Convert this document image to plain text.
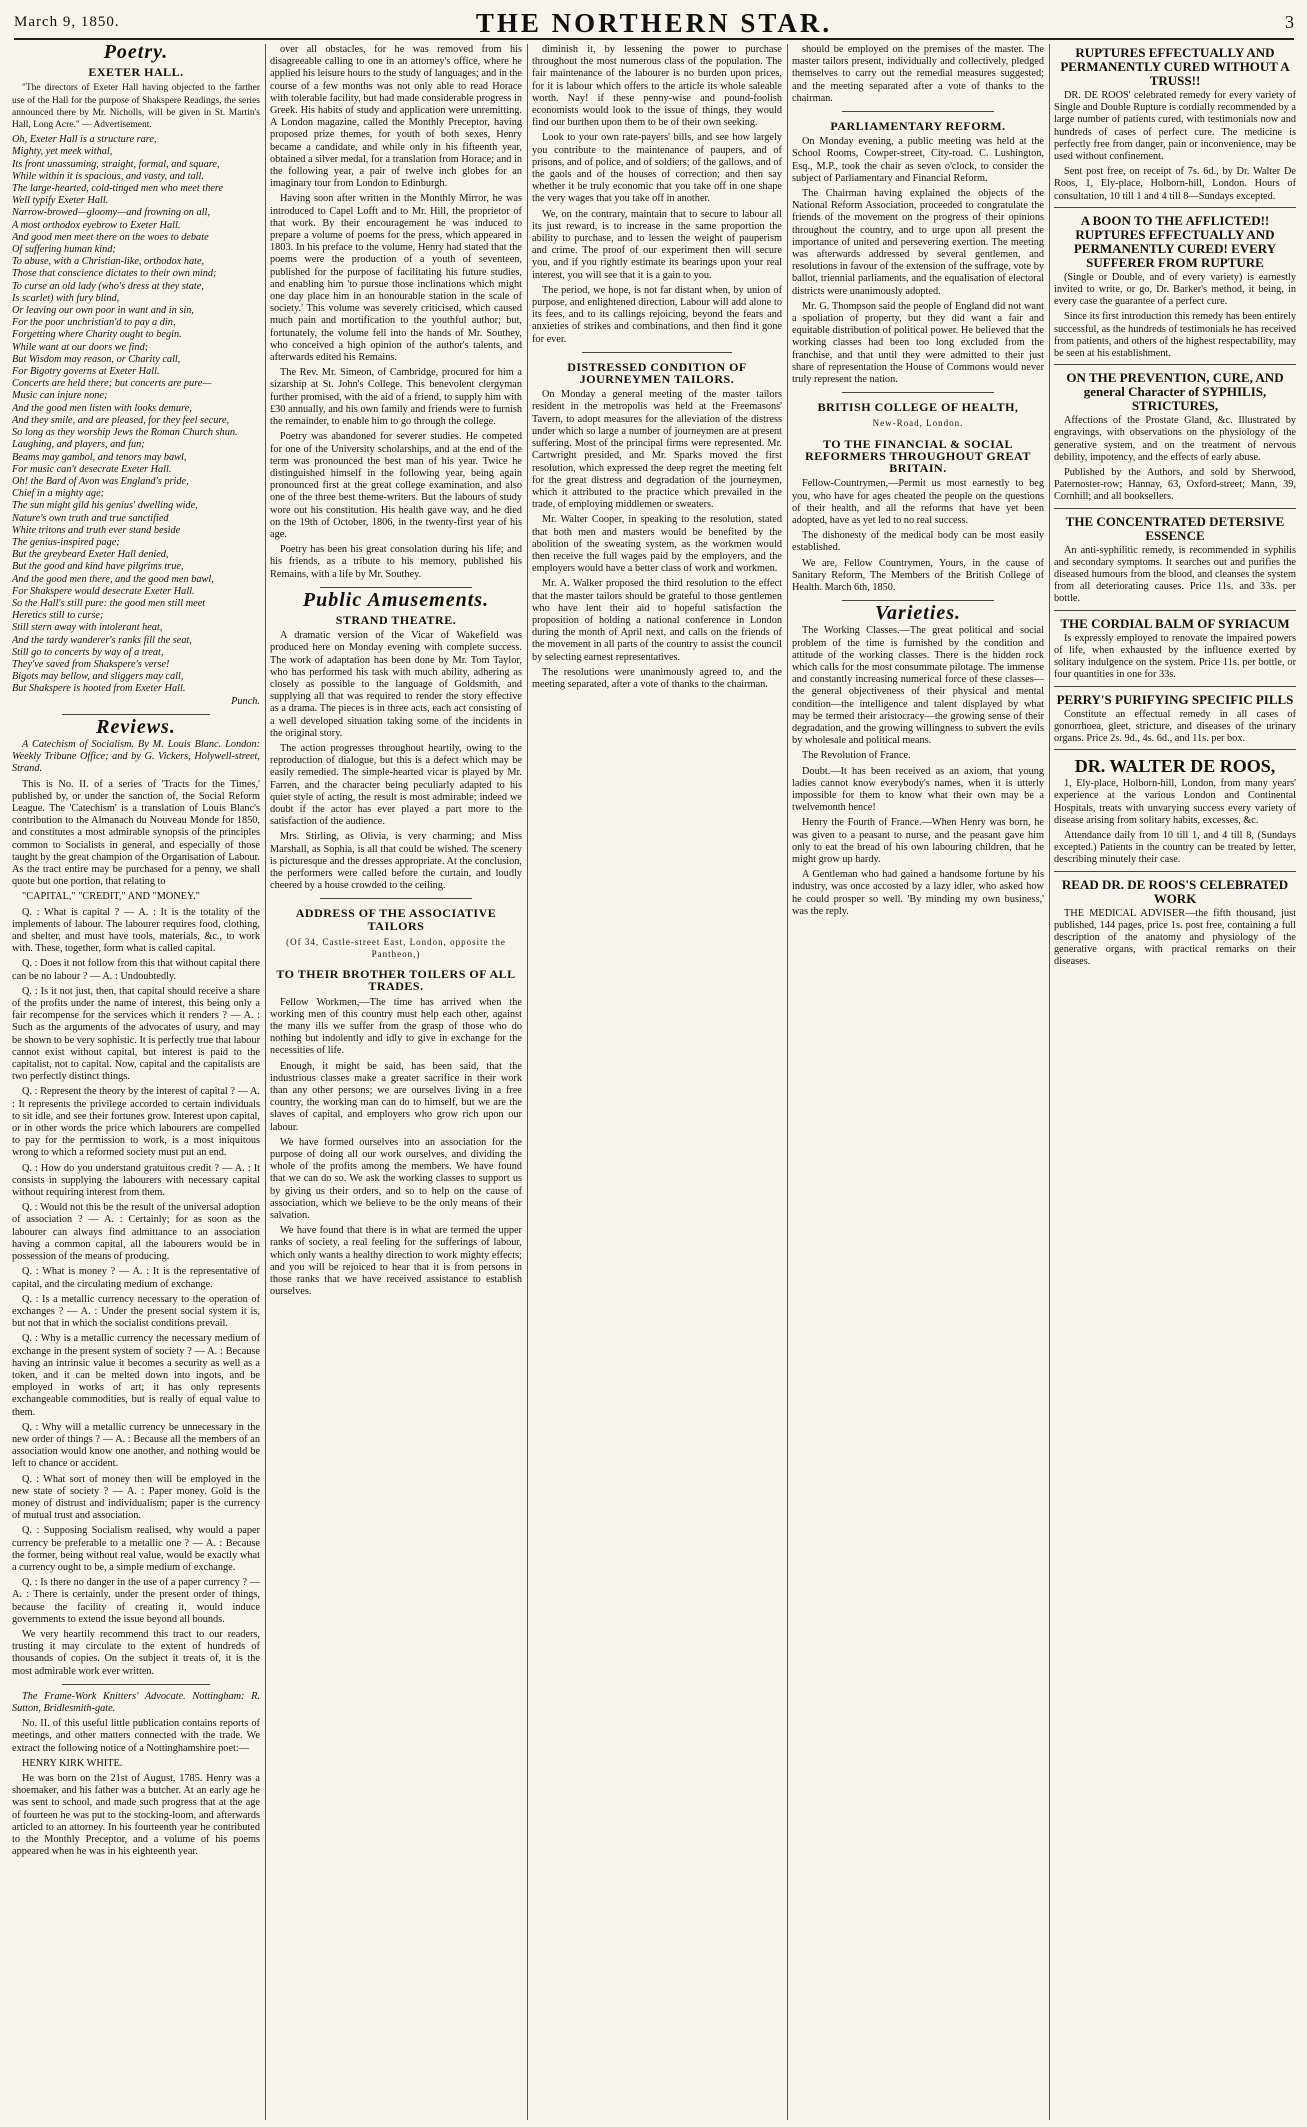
March 9, 1850.	THE NORTHERN STAR.	3
Poetry.
EXETER HALL.

"The directors of Exeter Hall having objected to the farther use of the Hall for the purpose of Shakspere Readings, the series announced there by Mr. Nicholls, will be given in St. Martin's Hall, Long Acre." — Advertisement.

Oh, Exeter Hall is a structure rare,
Mighty, yet meek withal,
Its front unassuming, straight, formal, and square,
While within it is spacious, and vasty, and tall.
The large-hearted, cold-tinged men who meet there
Well typify Exeter Hall.
Narrow-browed—gloomy—and frowning on all,
A most orthodox eyebrow to Exeter Hall.
And good men meet there on the woes to debate
Of suffering human kind;
To abuse, with a Christian-like, orthodox hate,
Those that conscience dictates to their own mind;
To curse an old lady (who's dress at they state,
Is scarlet) with fury blind,
Or leaving our own poor in want and in sin,
For the poor unchristian'd to pay a din,
Forgetting where Charity ought to begin.
While want at our doors we find;
But Wisdom may reason, or Charity call,
For Bigotry governs at Exeter Hall.
Concerts are held there; but concerts are pure—
Music can injure none;
And the good men listen with looks demure,
And they smile, and are pleased, for they feel secure,
So long as they worship Jews the Roman Church shun.
Laughing, and players, and fun;
Beams may gambol, and tenors may bawl,
For music can't desecrate Exeter Hall.
Oh! the Bard of Avon was England's pride,
Chief in a mighty age;
The sun might gild his genius' dwelling wide,
Nature's own truth and true sanctified
White tritons and truth ever stand beside
The genius-inspired page;
But the greybeard Exeter Hall denied,
But the good and kind have pilgrims true,
And the good men there, and the good men bawl,
For Shakspere would desecrate Exeter Hall.
So the Hall's still pure: the good men still meet
Heretics still to curse;
Still stern away with intolerant heat,
And the tardy wanderer's ranks fill the seat,
Still go to concerts by way of a treat,
They've saved from Shakspere's verse!
Bigots may bellow, and sliggers may call,
But Shakspere is hooted from Exeter Hall.
Punch.
Reviews.

A Catechism of Socialism. By M. Louis Blanc. London: Weekly Tribune Office; and by G. Vickers, Holywell-street, Strand.

This is No. II. of a series of 'Tracts for the Times,' published by, or under the sanction of, the Social Reform League. The 'Catechism' is a translation of Louis Blanc's contribution to the Almanach du Nouveau Monde for 1850, and constitutes a most admirable synopsis of the principles common to Socialists in general, and especially of those taught by the great champion of the Organisation of Labour. As the tract entire may be purchased for a penny, we shall quote but one portion, that relating to

"CAPITAL," "CREDIT," AND "MONEY."

Q. : What is capital ? — A. : It is the totality of the implements of labour. The labourer requires food, clothing, and shelter, and must have tools, materials, &c., to work with. These, together, form what is called capital.

Q. : Does it not follow from this that without capital there can be no labour ? — A. : Undoubtedly.

Q. : Is it not just, then, that capital should receive a share of the profits under the name of interest, this being only a fair recompense for the services which it renders ? — A. : Such as the arguments of the advocates of usury, and may be shown to be very sophistic. It is perfectly true that labour cannot exist without capital, but interest is paid to the capitalist, not to capital. Now, capital and the capitalists are two perfectly distinct things.

Q. : Represent the theory by the interest of capital ? — A. : It represents the privilege accorded to certain individuals to sit idle, and see their fortunes grow. Interest upon capital, or in other words the price which labourers are compelled to pay for the permission to work, is a most iniquitous wrong to which a reformed society must put an end.

Q. : How do you understand gratuitous credit ? — A. : It consists in supplying the labourers with necessary capital without requiring interest from them.

Q. : Would not this be the result of the universal adoption of association ? — A. : Certainly; for as soon as the labourer can always find admittance to an association having a common capital, all the labourers would be in possession of the means of producing.

Q. : What is money ? — A. : It is the representative of capital, and the circulating medium of exchange.

Q. : Is a metallic currency necessary to the operation of exchanges ? — A. : Under the present social system it is, but not that in which the socialist conditions prevail.

Q. : Why is a metallic currency the necessary medium of exchange in the present system of society ? — A. : Because having an intrinsic value it becomes a security as well as a token, and it can be melted down into ingots, and be employed in works of art; it has only represents exchangeable commodities, but is really of equal value to them.

Q. : Why will a metallic currency be unnecessary in the new order of things ? — A. : Because all the members of an association would know one another, and nothing would be left to chance or accident.

Q. : What sort of money then will be employed in the new state of society ? — A. : Paper money. Gold is the money of distrust and individualism; paper is the currency of mutual trust and association.

Q. : Supposing Socialism realised, why would a paper currency be preferable to a metallic one ? — A. : Because the former, being without real value, would be exactly what a currency ought to be, a simple medium of exchange.

Q. : Is there no danger in the use of a paper currency ? — A. : There is certainly, under the present order of things, because the facility of creating it, would induce governments to extend the issue beyond all bounds.

We very heartily recommend this tract to our readers, trusting it may circulate to the extent of hundreds of thousands of copies. On the subject it treats of, it is the most admirable work ever written.

The Frame-Work Knitters' Advocate. Nottingham: R. Sutton, Bridlesmith-gate.

No. II. of this useful little publication contains reports of meetings, and other matters connected with the trade. We extract the following notice of a Nottinghamshire poet:—

HENRY KIRK WHITE.

He was born on the 21st of August, 1785. Henry was a shoemaker, and his father was a butcher. At an early age he was sent to school, and made such progress that at the age of fourteen he was put to the stocking-loom, and afterwards articled to an attorney. In his fourteenth year he contributed to the Monthly Preceptor, and a volume of his poems appeared when he was in his eighteenth year.

over all obstacles, for he was removed from his disagreeable calling to one in an attorney's office, where he applied his leisure hours to the study of languages; and in the course of a few months was not only able to read Horace with tolerable facility, but had made considerable progress in Greek. His habits of study and application were unremitting. A London magazine, called the Monthly Preceptor, having proposed prize themes, for youth of both sexes, Henry became a candidate, and while only in his fifteenth year, obtained a silver medal, for a translation from Horace; and in the following year, a pair of twelve inch globes for an imaginary tour from London to Edinburgh.

Having soon after written in the Monthly Mirror, he was introduced to Capel Lofft and to Mr. Hill, the proprietor of that work. By their encouragement he was induced to prepare a volume of poems for the press, which appeared in 1803. In his preface to the volume, Henry had stated that the poems were the production of a youth of seventeen, published for the purpose of facilitating his future studies, and enabling him 'to pursue those inclinations which might one day place him in an honourable station in the scale of society.' This volume was severely criticised, which caused much pain and mortification to the youthful author; but, fortunately, the volume fell into the hands of Mr. Southey, who conceived a high opinion of the author's talents, and afterwards edited his Remains.

The Rev. Mr. Simeon, of Cambridge, procured for him a sizarship at St. John's College. This benevolent clergyman further promised, with the aid of a friend, to supply him with £30 annually, and his own family and friends were to furnish the remainder, to enable him to go through the college.

Poetry was abandoned for severer studies. He competed for one of the University scholarships, and at the end of the term was pronounced the best man of his year. Twice he distinguished himself in the following year, being again pronounced first at the great college examination, and also one of the three best theme-writers. But the labours of study wore out his constitution. His health gave way, and he died on the 19th of October, 1806, in the twenty-first year of his age.

Poetry has been his great consolation during his life; and his friends, as a tribute to his memory, published his Remains, with a life by Mr. Southey.

Public Amusements.
STRAND THEATRE.

A dramatic version of the Vicar of Wakefield was produced here on Monday evening with complete success. The work of adaptation has been done by Mr. Tom Taylor, who has performed his task with much ability, adhering as closely as possible to the language of Goldsmith, and supplying all that was required to render the story effective as a drama. The pieces is in three acts, each act consisting of a well developed situation taking some of the incidents in the original story.

The action progresses throughout heartily, owing to the reproduction of dialogue, but this is a defect which may be easily remedied. The simple-hearted vicar is played by Mr. Farren, and the character being peculiarly adapted to his quiet style of acting, the result is most admirable; indeed we doubt if the actor has ever played a part more to the satisfaction of the audience.

Mrs. Stirling, as Olivia, is very charming; and Miss Marshall, as Sophia, is all that could be wished. The scenery is picturesque and the dresses appropriate. At the conclusion, the performers were called before the curtain, and loudly cheered by a house crowded to the ceiling.

ADDRESS OF THE ASSOCIATIVE TAILORS
(Of 34, Castle-street East, London, opposite the Pantheon,)
TO THEIR BROTHER TOILERS OF ALL TRADES.

Fellow Workmen,—The time has arrived when the working men of this country must help each other, against the many ills we suffer from the grasp of those who do nothing but indolently and idly to give in exchange for the necessities of life.

Enough, it might be said, has been said, that the industrious classes make a greater sacrifice in their work than any other persons; we are ourselves living in a free country, the working man can do to himself, but we are the slaves of capital, and employers who grow rich upon our labour.

We have formed ourselves into an association for the purpose of doing all our work ourselves, and dividing the whole of the profits among the members. We have found that we can do so. We ask the working classes to support us by giving us their orders, and so to help on the cause of association, which we believe to be the only means of their salvation.

We have found that there is in what are termed the upper ranks of society, a real feeling for the sufferings of labour, which only wants a healthy direction to work mighty effects; and you will be rejoiced to hear that it is from persons in those ranks that we have received assistance to establish ourselves.

diminish it, by lessening the power to purchase throughout the most numerous class of the population. The fair maintenance of the labourer is no burden upon prices, for it is labour which offers to the article its whole saleable worth. Nay! if these penny-wise and pound-foolish economists would look to the issue of things, they would find our burthen upon them to be of their own seeking.

Look to your own rate-payers' bills, and see how largely you contribute to the maintenance of paupers, and of prisons, and of police, and of soldiers; of the gallows, and of the gaols and of the houses of correction; and then say whether it be truly economic that you take off in one shape the very wages that you take off in another.

We, on the contrary, maintain that to secure to labour all its just reward, is to increase in the same proportion the ability to purchase, and to lessen the weight of pauperism and crime. The proof of our experiment then will secure you, and if you rightly estimate its bearings upon your real interest, you will see that it is a gain to you.

The period, we hope, is not far distant when, by union of purpose, and enlightened direction, Labour will add alone to its fees, and to its callings rejoicing, beyond the fears and anxieties of strikes and combinations, and then find it gone for ever.

DISTRESSED CONDITION OF JOURNEYMEN TAILORS.

On Monday a general meeting of the master tailors resident in the metropolis was held at the Freemasons' Tavern, to adopt measures for the alleviation of the distress under which so large a number of journeymen are at present suffering. Most of the principal firms were represented. Mr. Cartwright presided, and Mr. Sparks moved the first resolution, which expressed the deep regret the meeting felt for the great distress and degradation of the journeymen, which it attributed to the practice which prevailed in the trade, of employing middlemen or sweaters.

Mr. Walter Cooper, in speaking to the resolution, stated that both men and masters would be benefited by the abolition of the sweating system, as the workmen would then receive the full wages paid by the employers, and the employers would have a better class of work and workmen.

Mr. A. Walker proposed the third resolution to the effect that the master tailors should be grateful to those gentlemen who have lent their aid to hopeful satisfaction the proposition of holding a national conference in London during the month of April next, and calls on the friends of the movement in all parts of the country to assist the council by selecting earnest representatives.

The resolutions were unanimously agreed to, and the meeting separated, after a vote of thanks to the chairman.

should be employed on the premises of the master. The master tailors present, individually and collectively, pledged themselves to carry out the remedial measures suggested; and the meeting separated after a vote of thanks to the chairman.

PARLIAMENTARY REFORM.

On Monday evening, a public meeting was held at the School Rooms, Cowper-street, City-road. C. Lushington, Esq., M.P., took the chair as seven o'clock, to consider the subject of Parliamentary and Financial Reform.

The Chairman having explained the objects of the National Reform Association, proceeded to congratulate the friends of the movement on the progress of their opinions throughout the country, and to urge upon all present the importance of united and persevering exertion. The meeting was afterwards addressed by several gentlemen, and resolutions in favour of the extension of the suffrage, vote by ballot, triennial parliaments, and the equalisation of electoral districts were unanimously adopted.

Mr. G. Thompson said the people of England did not want a spoliation of property, but they did want a fair and equitable distribution of political power. He believed that the working classes had been too long excluded from the franchise, and that until they were admitted to their just share of representation the House of Commons would never truly represent the nation.

BRITISH COLLEGE OF HEALTH,
New-Road, London.
TO THE FINANCIAL & SOCIAL REFORMERS THROUGHOUT GREAT BRITAIN.

Fellow-Countrymen,—Permit us most earnestly to beg you, who have for ages cheated the people on the questions of their health, and all the reforms that have yet been adopted, have as yet led to no real success.

The dishonesty of the medical body can be most easily established.

We are, Fellow Countrymen, Yours, in the cause of Sanitary Reform, The Members of the British College of Health. March 6th, 1850.

Varieties.

The Working Classes.—The great political and social problem of the time is furnished by the condition and attitude of the working classes. There is the hidden rock which calls for the most consummate pilotage. The immense and constantly increasing numerical force of these classes—the general objectiveness of their physical and mental condition—the intelligence and talent displayed by what may be termed their aristocracy—the growing sense of their degradation, and the growing willingness to subvert the evils by wholesale and political means.

The Revolution of France.

Doubt.—It has been received as an axiom, that young ladies cannot know everybody's names, when it is utterly impossible for them to know what their own may be a twelvemonth hence!

Henry the Fourth of France.—When Henry was born, he was given to a peasant to nurse, and the peasant gave him only to eat the bread of his own labouring children, that he might grow up hardy.

A Gentleman who had gained a handsome fortune by his industry, was once accosted by a lazy idler, who asked how he could prosper so well. 'By minding my own business,' was the reply.

RUPTURES EFFECTUALLY AND PERMANENTLY CURED WITHOUT A TRUSS!!

DR. DE ROOS' celebrated remedy for every variety of Single and Double Rupture is cordially recommended by a large number of patients cured, with testimonials now and hundreds of cases of perfect cure. The medicine is perfectly free from danger, pain or inconvenience, may be used without confinement.

Sent post free, on receipt of 7s. 6d., by Dr. Walter De Roos, 1, Ely-place, Holborn-hill, London. Hours of consultation, 10 till 1 and 4 till 8—Sundays excepted.

A BOON TO THE AFFLICTED!! RUPTURES EFFECTUALLY AND PERMANENTLY CURED! EVERY SUFFERER FROM RUPTURE

(Single or Double, and of every variety) is earnestly invited to write, or go, Dr. Barker's method, it being, in every case the guarantee of a perfect cure.

Since its first introduction this remedy has been entirely successful, as the hundreds of testimonials he has received from patients, and others of the highest respectability, may be seen at his establishment.

ON THE PREVENTION, CURE, AND general Character of SYPHILIS, STRICTURES,

Affections of the Prostate Gland, &c. Illustrated by engravings, with observations on the physiology of the generative system, and on the treatment of nervous debility, impotency, and the effects of early abuse.

Published by the Authors, and sold by Sherwood, Paternoster-row; Hannay, 63, Oxford-street; Mann, 39, Cornhill; and all booksellers.

THE CONCENTRATED DETERSIVE ESSENCE

An anti-syphilitic remedy, is recommended in syphilis and secondary symptoms. It searches out and purifies the diseased humours from the blood, and cleanses the system from all deteriorating causes. Price 11s. and 33s. per bottle.

THE CORDIAL BALM OF SYRIACUM

Is expressly employed to renovate the impaired powers of life, when exhausted by the influence exerted by solitary indulgence on the system. Price 11s. per bottle, or four quantities in one for 33s.

PERRY'S PURIFYING SPECIFIC PILLS

Constitute an effectual remedy in all cases of gonorrhoea, gleet, stricture, and diseases of the urinary organs. Price 2s. 9d., 4s. 6d., and 11s. per box.

DR. WALTER DE ROOS,

1, Ely-place, Holborn-hill, London, from many years' experience at the various London and Continental Hospitals, treats with unvarying success every variety of disease arising from solitary habits, excesses, &c.

Attendance daily from 10 till 1, and 4 till 8, (Sundays excepted.) Patients in the country can be treated by letter, describing minutely their case.

READ DR. DE ROOS'S CELEBRATED WORK

THE MEDICAL ADVISER—the fifth thousand, just published, 144 pages, price 1s. post free, containing a full description of the anatomy and physiology of the generative organs, with practical remarks on their diseases.
